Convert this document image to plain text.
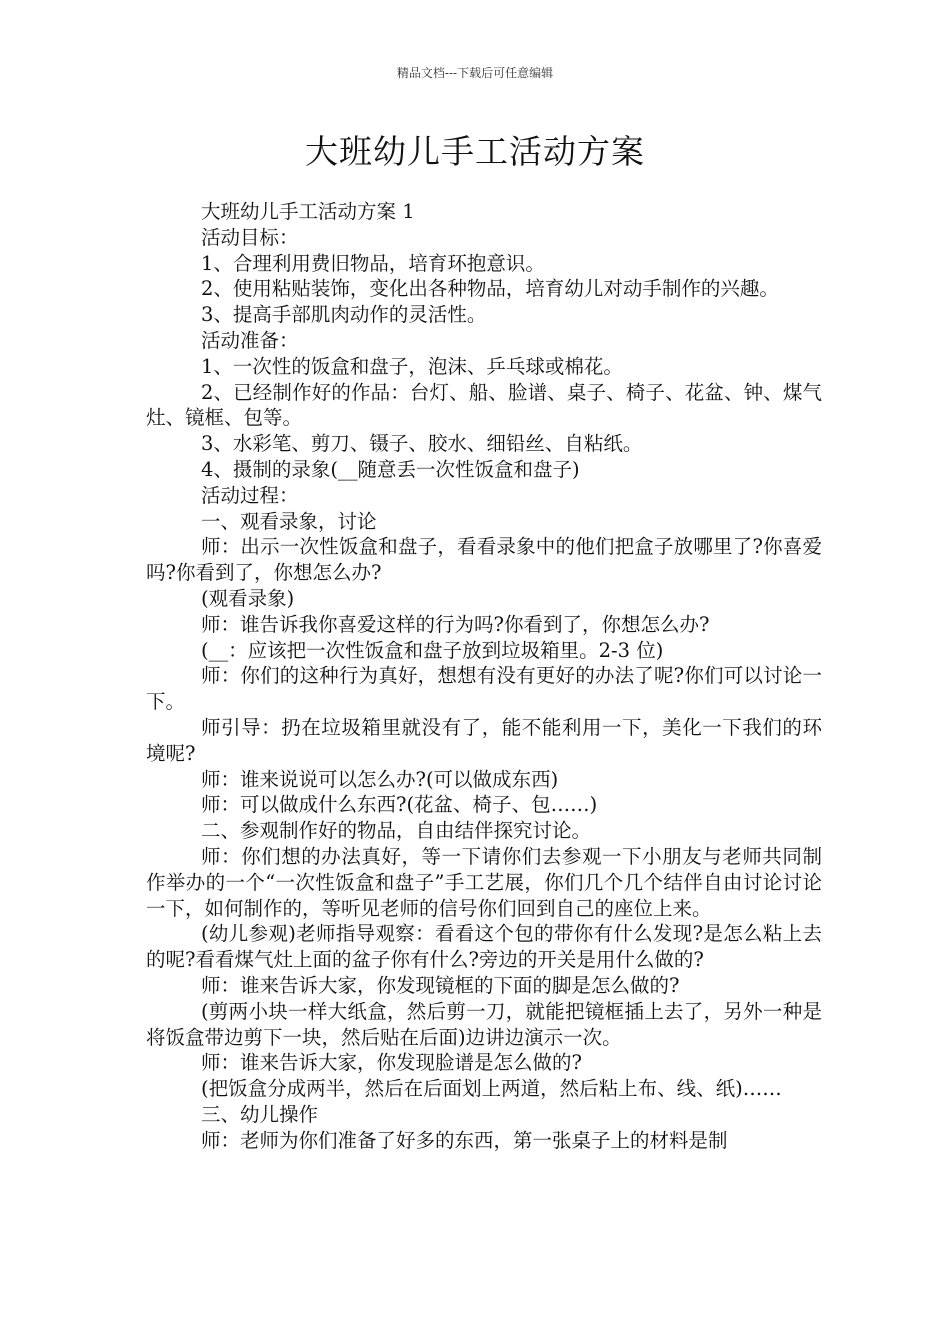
精品文档---下载后可任意编辑
大班幼儿手工活动方案

大班幼儿手工活动方案 1

活动目标：

1、合理利用费旧物品，培育环抱意识。

2、使用粘贴装饰，变化出各种物品，培育幼儿对动手制作的兴趣。

3、提高手部肌肉动作的灵活性。

活动准备：

1、一次性的饭盒和盘子，泡沫、乒乓球或棉花。

2、已经制作好的作品：台灯、船、脸谱、桌子、椅子、花盆、钟、煤气灶、镜框、包等。

3、水彩笔、剪刀、镊子、胶水、细铅丝、自粘纸。

4、摄制的录象(__随意丢一次性饭盒和盘子)

活动过程：

一、观看录象，讨论

师：出示一次性饭盒和盘子，看看录象中的他们把盒子放哪里了?你喜爱吗?你看到了，你想怎么办?

(观看录象)

师：谁告诉我你喜爱这样的行为吗?你看到了，你想怎么办?

(__：应该把一次性饭盒和盘子放到垃圾箱里。2-3 位)

师：你们的这种行为真好，想想有没有更好的办法了呢?你们可以讨论一下。

师引导：扔在垃圾箱里就没有了，能不能利用一下，美化一下我们的环境呢?

师：谁来说说可以怎么办?(可以做成东西)

师：可以做成什么东西?(花盆、椅子、包……)

二、参观制作好的物品，自由结伴探究讨论。

师：你们想的办法真好，等一下请你们去参观一下小朋友与老师共同制作举办的一个“一次性饭盒和盘子”手工艺展，你们几个几个结伴自由讨论讨论一下，如何制作的，等听见老师的信号你们回到自己的座位上来。

(幼儿参观)老师指导观察：看看这个包的带你有什么发现?是怎么粘上去的呢?看看煤气灶上面的盆子你有什么?旁边的开关是用什么做的?

师：谁来告诉大家，你发现镜框的下面的脚是怎么做的?

(剪两小块一样大纸盒，然后剪一刀，就能把镜框插上去了，另外一种是将饭盒带边剪下一块，然后贴在后面)边讲边演示一次。

师：谁来告诉大家，你发现脸谱是怎么做的?

(把饭盒分成两半，然后在后面划上两道，然后粘上布、线、纸)……

三、幼儿操作

师：老师为你们准备了好多的东西，第一张桌子上的材料是制
